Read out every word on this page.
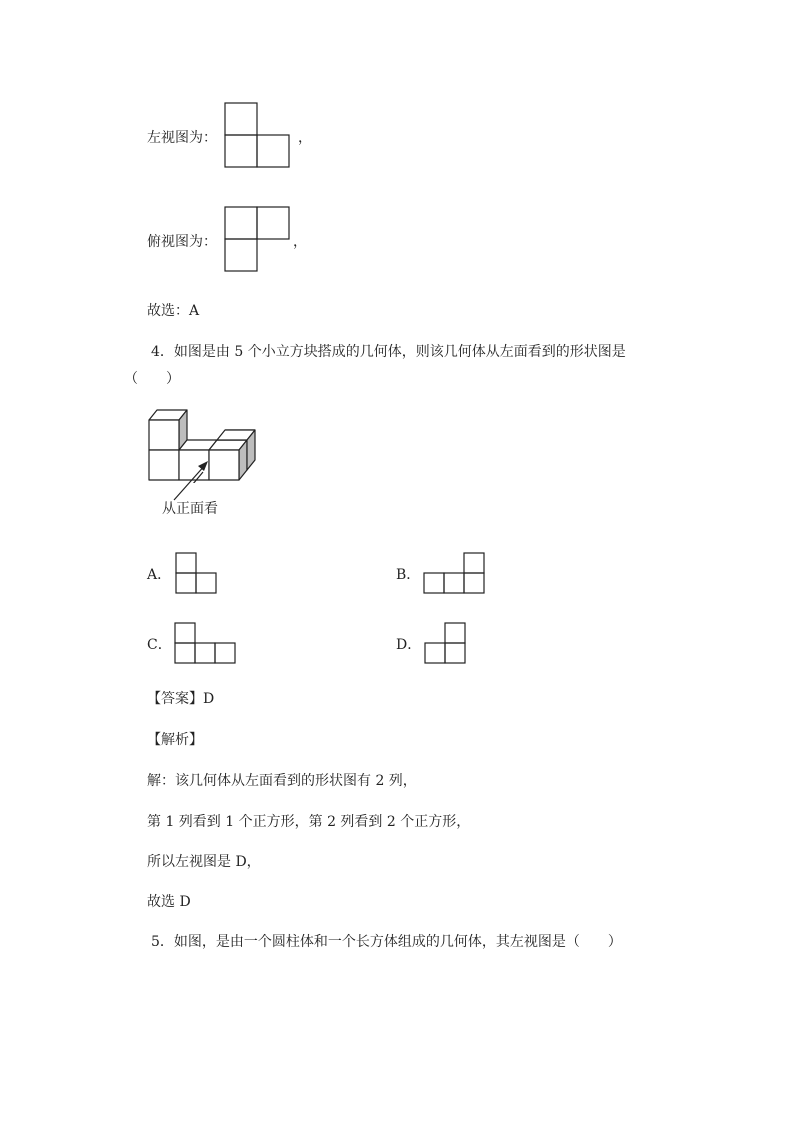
左视图为：	，
俯视图为：	，
故选：A
4．如图是由 5 个小立方块搭成的几何体，则该几何体从左面看到的形状图是
（　　）
从正面看
A．	B．
C．	D．
【答案】D
【解析】
解：该几何体从左面看到的形状图有 2 列，
第 1 列看到 1 个正方形，第 2 列看到 2 个正方形，
所以左视图是 D，
故选 D
5．如图，是由一个圆柱体和一个长方体组成的几何体，其左视图是（　　）
